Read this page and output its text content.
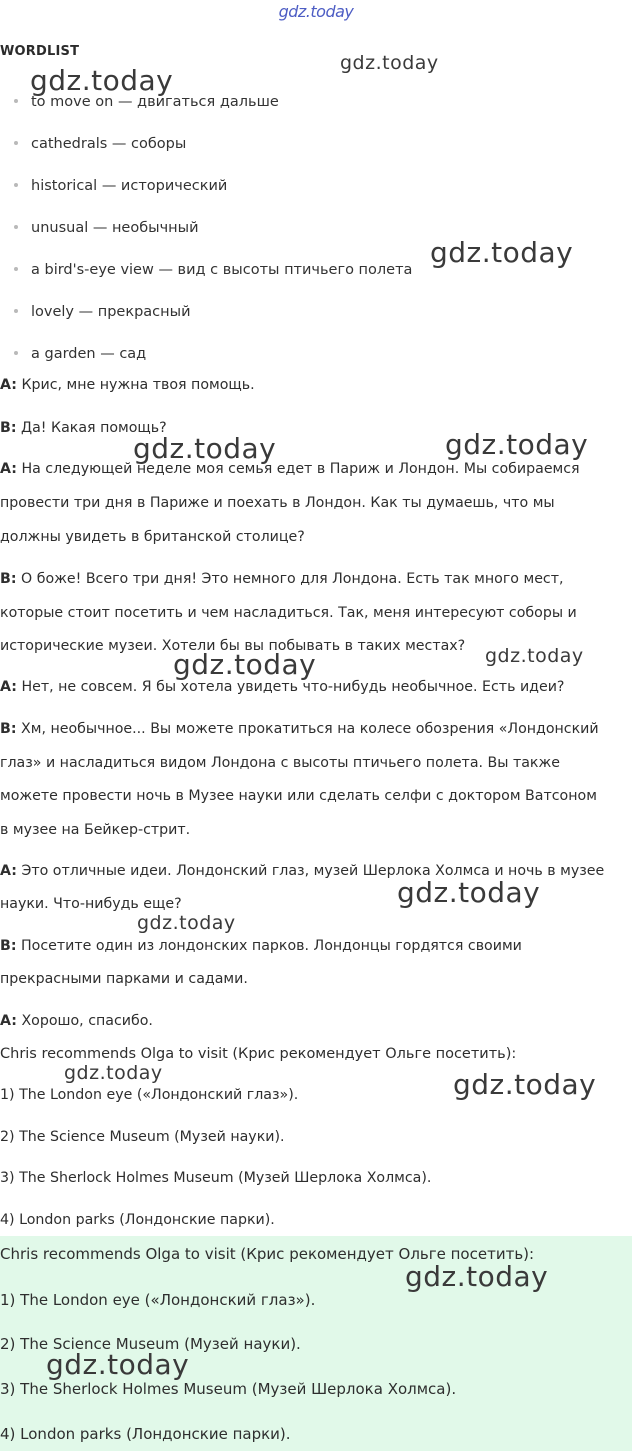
gdz.today
WORDLIST
to move on — двигаться дальше
cathedrals — соборы
historical — исторический
unusual — необычный
a bird's-eye view — вид с высоты птичьего полета
lovely — прекрасный
a garden — сад
A: Крис, мне нужна твоя помощь.
B: Да! Какая помощь?
A: На следующей неделе моя семья едет в Париж и Лондон. Мы собираемся
провести три дня в Париже и поехать в Лондон. Как ты думаешь, что мы
должны увидеть в британской столице?
B: О боже! Всего три дня! Это немного для Лондона. Есть так много мест,
которые стоит посетить и чем насладиться. Так, меня интересуют соборы и
исторические музеи. Хотели бы вы побывать в таких местах?
A: Нет, не совсем. Я бы хотела увидеть что-нибудь необычное. Есть идеи?
B: Хм, необычное... Вы можете прокатиться на колесе обозрения «Лондонский
глаз» и насладиться видом Лондона с высоты птичьего полета. Вы также
можете провести ночь в Музее науки или сделать селфи с доктором Ватсоном
в музее на Бейкер-стрит.
A: Это отличные идеи. Лондонский глаз, музей Шерлока Холмса и ночь в музее
науки. Что-нибудь еще?
B: Посетите один из лондонских парков. Лондонцы гордятся своими
прекрасными парками и садами.
A: Хорошо, спасибо.
Chris recommends Olga to visit (Крис рекомендует Ольге посетить):
1) The London eye («Лондонский глаз»).
2) The Science Museum (Музей науки).
3) The Sherlock Holmes Museum (Музей Шерлока Холмса).
4) London parks (Лондонские парки).
Chris recommends Olga to visit (Крис рекомендует Ольге посетить):
1) The London eye («Лондонский глаз»).
2) The Science Museum (Музей науки).
3) The Sherlock Holmes Museum (Музей Шерлока Холмса).
4) London parks (Лондонские парки).
gdz.today
gdz.today
gdz.today
gdz.today	gdz.today
gdz.today	gdz.today
gdz.today
gdz.today
gdz.today	gdz.today
gdz.today
gdz.today
